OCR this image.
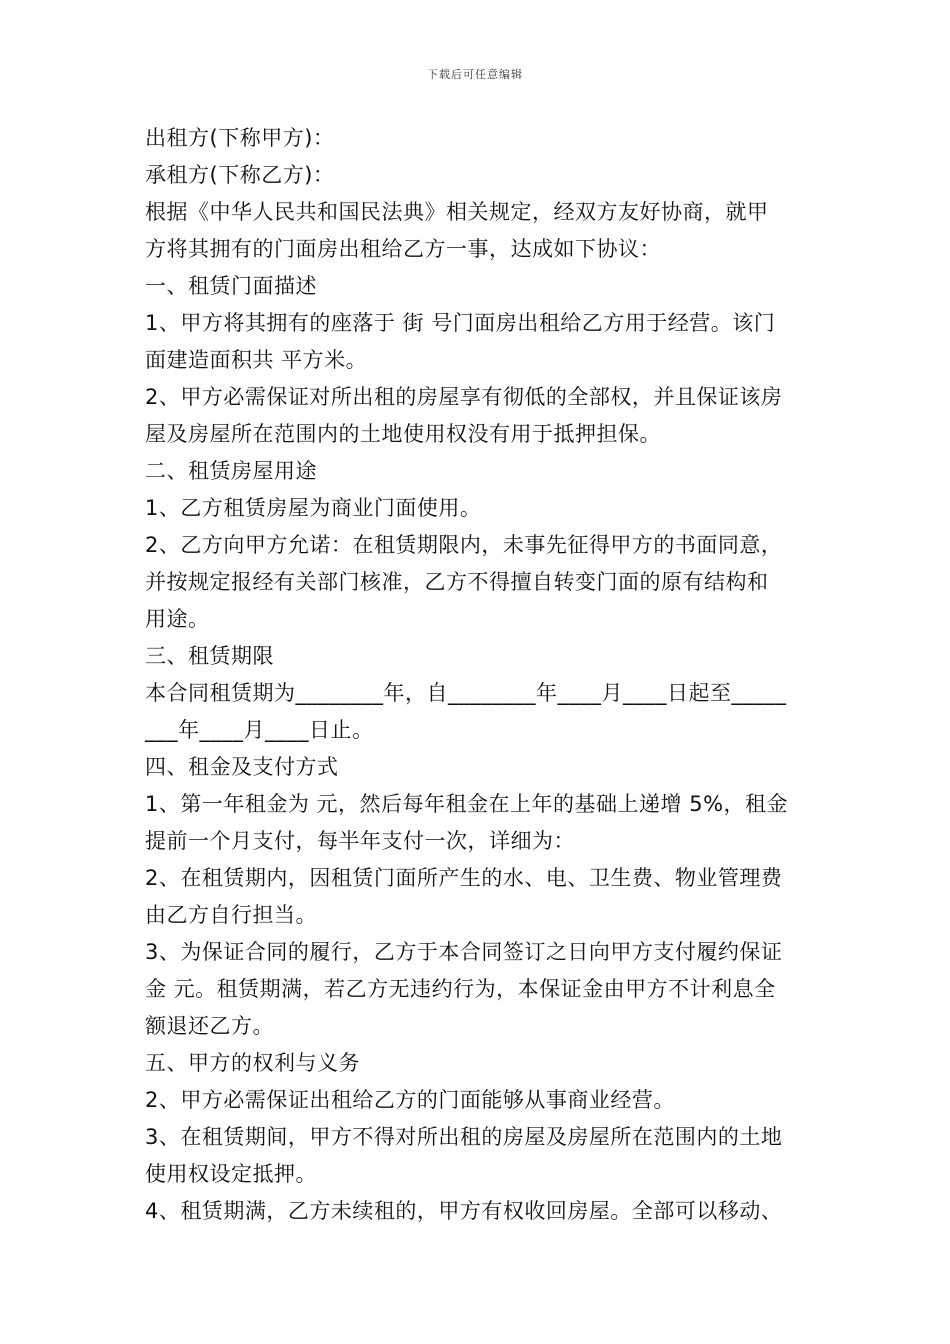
下载后可任意编辑
出租方(下称甲方)：
承租方(下称乙方)：
根据《中华人民共和国民法典》相关规定，经双方友好协商，就甲
方将其拥有的门面房出租给乙方一事，达成如下协议：
一、租赁门面描述
1、甲方将其拥有的座落于 街 号门面房出租给乙方用于经营。该门
面建造面积共 平方米。
2、甲方必需保证对所出租的房屋享有彻低的全部权，并且保证该房
屋及房屋所在范围内的土地使用权没有用于抵押担保。
二、租赁房屋用途
1、乙方租赁房屋为商业门面使用。
2、乙方向甲方允诺：在租赁期限内，未事先征得甲方的书面同意，
并按规定报经有关部门核准，乙方不得擅自转变门面的原有结构和
用途。
三、租赁期限
本合同租赁期为________年，自________年____月____日起至_____
___年____月____日止。
四、租金及支付方式
1、第一年租金为 元，然后每年租金在上年的基础上递增 5%，租金
提前一个月支付，每半年支付一次，详细为：
2、在租赁期内，因租赁门面所产生的水、电、卫生费、物业管理费
由乙方自行担当。
3、为保证合同的履行，乙方于本合同签订之日向甲方支付履约保证
金 元。租赁期满，若乙方无违约行为，本保证金由甲方不计利息全
额退还乙方。
五、甲方的权利与义务
2、甲方必需保证出租给乙方的门面能够从事商业经营。
3、在租赁期间，甲方不得对所出租的房屋及房屋所在范围内的土地
使用权设定抵押。
4、租赁期满，乙方未续租的，甲方有权收回房屋。全部可以移动、
